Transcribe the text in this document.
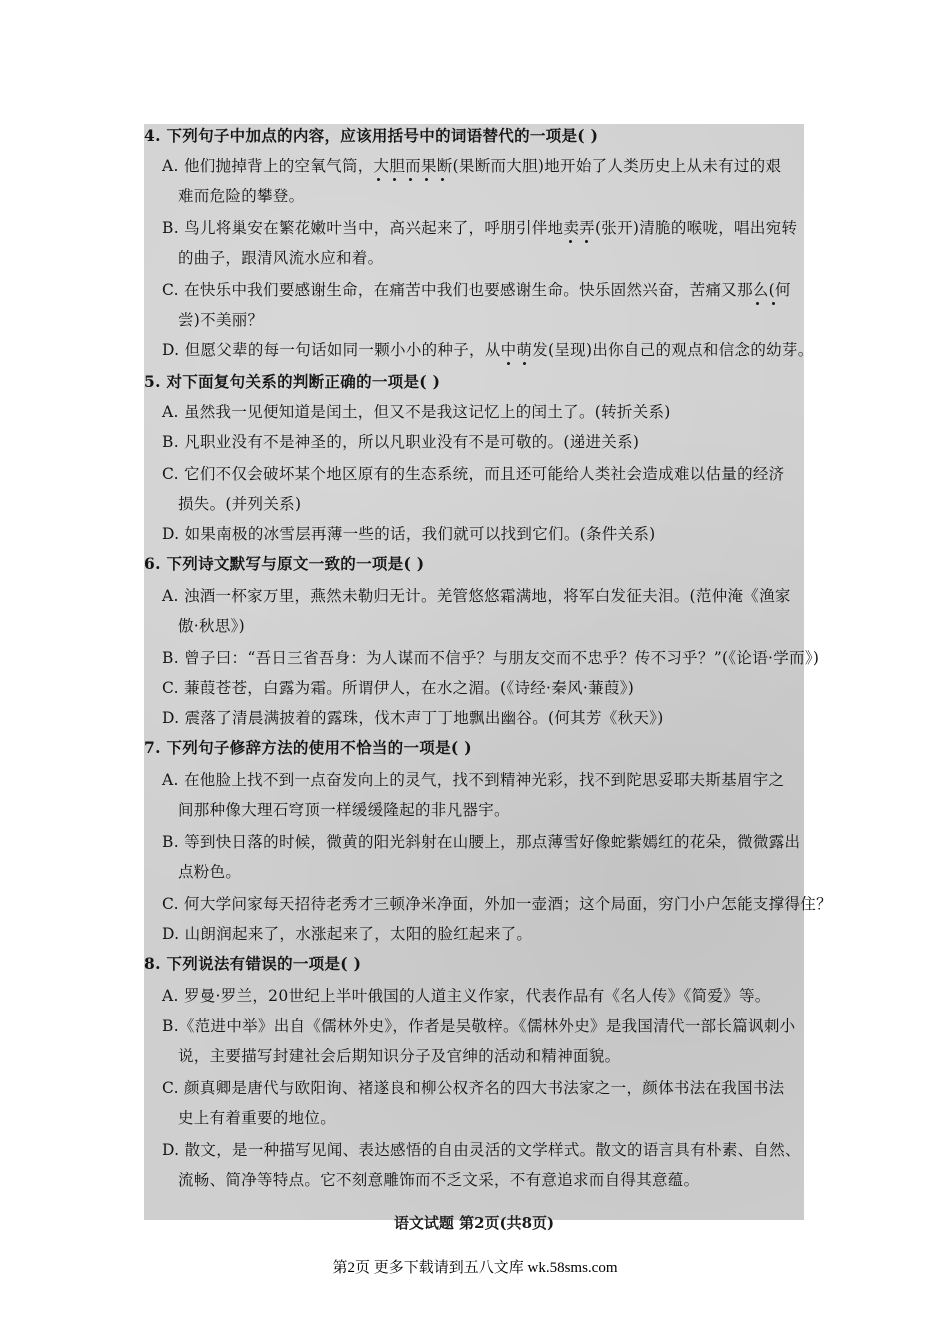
4. 下列句子中加点的内容，应该用括号中的词语替代的一项是( )
A. 他们抛掉背上的空氧气筒，大胆而果断(果断而大胆)地开始了人类历史上从未有过的艰
难而危险的攀登。
B. 鸟儿将巢安在繁花嫩叶当中，高兴起来了，呼朋引伴地卖弄(张开)清脆的喉咙，唱出宛转
的曲子，跟清风流水应和着。
C. 在快乐中我们要感谢生命，在痛苦中我们也要感谢生命。快乐固然兴奋，苦痛又那么(何
尝)不美丽？
D. 但愿父辈的每一句话如同一颗小小的种子，从中萌发(呈现)出你自己的观点和信念的幼芽。
5. 对下面复句关系的判断正确的一项是( )
A. 虽然我一见便知道是闰土，但又不是我这记忆上的闰土了。(转折关系)
B. 凡职业没有不是神圣的，所以凡职业没有不是可敬的。(递进关系)
C. 它们不仅会破坏某个地区原有的生态系统，而且还可能给人类社会造成难以估量的经济
损失。(并列关系)
D. 如果南极的冰雪层再薄一些的话，我们就可以找到它们。(条件关系)
6. 下列诗文默写与原文一致的一项是( )
A. 浊酒一杯家万里，燕然未勒归无计。羌管悠悠霜满地，将军白发征夫泪。(范仲淹《渔家
傲·秋思》)
B. 曾子曰：“吾日三省吾身：为人谋而不信乎？与朋友交而不忠乎？传不习乎？”(《论语·学而》)
C. 蒹葭苍苍，白露为霜。所谓伊人，在水之湄。(《诗经·秦风·蒹葭》)
D. 震落了清晨满披着的露珠，伐木声丁丁地飘出幽谷。(何其芳《秋天》)
7. 下列句子修辞方法的使用不恰当的一项是( )
A. 在他脸上找不到一点奋发向上的灵气，找不到精神光彩，找不到陀思妥耶夫斯基眉宇之
间那种像大理石穹顶一样缓缓隆起的非凡器宇。
B. 等到快日落的时候，微黄的阳光斜射在山腰上，那点薄雪好像蛇紫嫣红的花朵，微微露出
点粉色。
C. 何大学问家每天招待老秀才三顿净米净面，外加一壶酒；这个局面，穷门小户怎能支撑得住？
D. 山朗润起来了，水涨起来了，太阳的脸红起来了。
8. 下列说法有错误的一项是( )
A. 罗曼·罗兰，20世纪上半叶俄国的人道主义作家，代表作品有《名人传》《简爱》等。
B.《范进中举》出自《儒林外史》，作者是吴敬梓。《儒林外史》是我国清代一部长篇讽刺小
说，主要描写封建社会后期知识分子及官绅的活动和精神面貌。
C. 颜真卿是唐代与欧阳询、褚遂良和柳公权齐名的四大书法家之一，颜体书法在我国书法
史上有着重要的地位。
D. 散文，是一种描写见闻、表达感悟的自由灵活的文学样式。散文的语言具有朴素、自然、
流畅、简净等特点。它不刻意雕饰而不乏文采，不有意追求而自得其意蕴。
语文试题 第2页(共8页)
第2页 更多下载请到五八文库 wk.58sms.com
